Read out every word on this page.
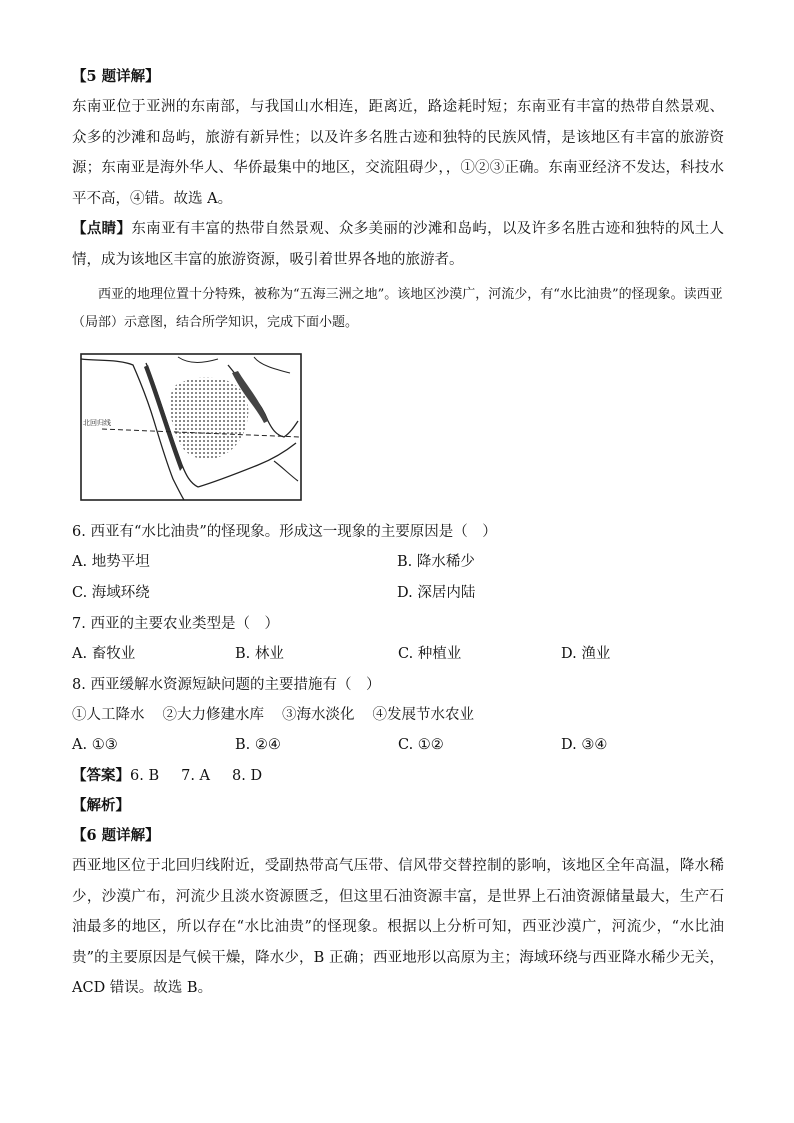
【5 题详解】

东南亚位于亚洲的东南部，与我国山水相连，距离近，路途耗时短；东南亚有丰富的热带自然景观、众多的沙滩和岛屿，旅游有新异性；以及许多名胜古迹和独特的民族风情，是该地区有丰富的旅游资源；东南亚是海外华人、华侨最集中的地区，交流阻碍少，，①②③正确。东南亚经济不发达，科技水平不高，④错。故选 A。

【点睛】东南亚有丰富的热带自然景观、众多美丽的沙滩和岛屿，以及许多名胜古迹和独特的风土人情，成为该地区丰富的旅游资源，吸引着世界各地的旅游者。

西亚的地理位置十分特殊，被称为“五海三洲之地”。该地区沙漠广，河流少，有“水比油贵”的怪现象。读西亚（局部）示意图，结合所学知识，完成下面小题。

北回归线

6. 西亚有“水比油贵”的怪现象。形成这一现象的主要原因是（　）

A. 地势平坦	B. 降水稀少
C. 海域环绕	D. 深居内陆

7. 西亚的主要农业类型是（　）

A. 畜牧业	B. 林业	C. 种植业	D. 渔业

8. 西亚缓解水资源短缺问题的主要措施有（　）

①人工降水 ②大力修建水库 ③海水淡化 ④发展节水农业

A. ①③	B. ②④	C. ①②	D. ③④

【答案】6. B 7. A 8. D

【解析】

【6 题详解】

西亚地区位于北回归线附近，受副热带高气压带、信风带交替控制的影响，该地区全年高温，降水稀少，沙漠广布，河流少且淡水资源匮乏，但这里石油资源丰富，是世界上石油资源储量最大，生产石油最多的地区，所以存在“水比油贵”的怪现象。根据以上分析可知，西亚沙漠广，河流少，“水比油贵”的主要原因是气候干燥，降水少，B 正确；西亚地形以高原为主；海域环绕与西亚降水稀少无关，ACD 错误。故选 B。
